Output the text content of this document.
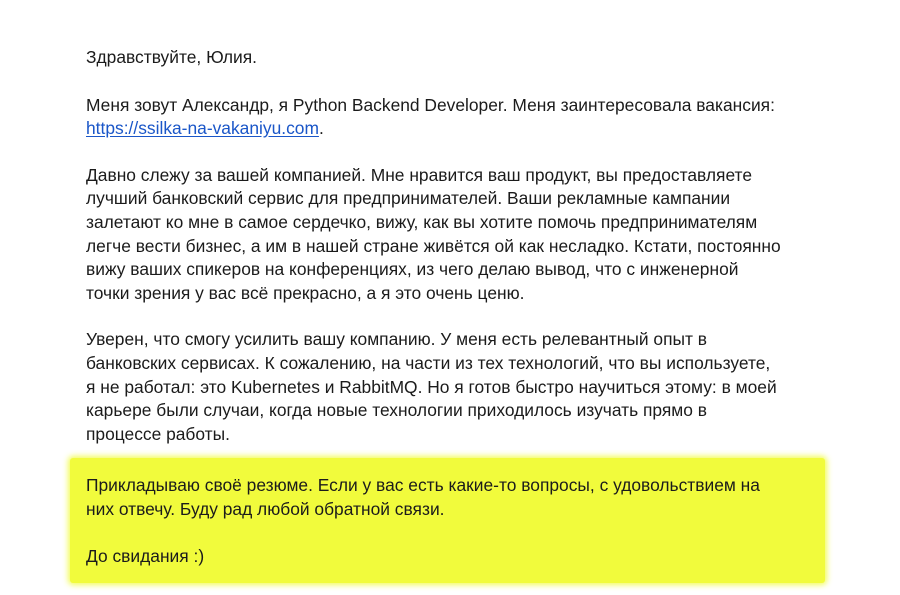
Прикладываю своё резюме. Если у вас есть какие-то вопросы, с удовольствием на
них отвечу. Буду рад любой обратной связи.

До свидания :)

Здравствуйте, Юлия.

Меня зовут Александр, я Python Backend Developer. Меня заинтересовала вакансия:
https://ssilka-na-vakaniyu.com.

Давно слежу за вашей компанией. Мне нравится ваш продукт, вы предоставляете
лучший банковский сервис для предпринимателей. Ваши рекламные кампании
залетают ко мне в самое сердечко, вижу, как вы хотите помочь предпринимателям
легче вести бизнес, а им в нашей стране живётся ой как несладко. Кстати, постоянно
вижу ваших спикеров на конференциях, из чего делаю вывод, что с инженерной
точки зрения у вас всё прекрасно, а я это очень ценю.

Уверен, что смогу усилить вашу компанию. У меня есть релевантный опыт в
банковских сервисах. К сожалению, на части из тех технологий, что вы используете,
я не работал: это Kubernetes и RabbitMQ. Но я готов быстро научиться этому: в моей
карьере были случаи, когда новые технологии приходилось изучать прямо в
процессе работы.
